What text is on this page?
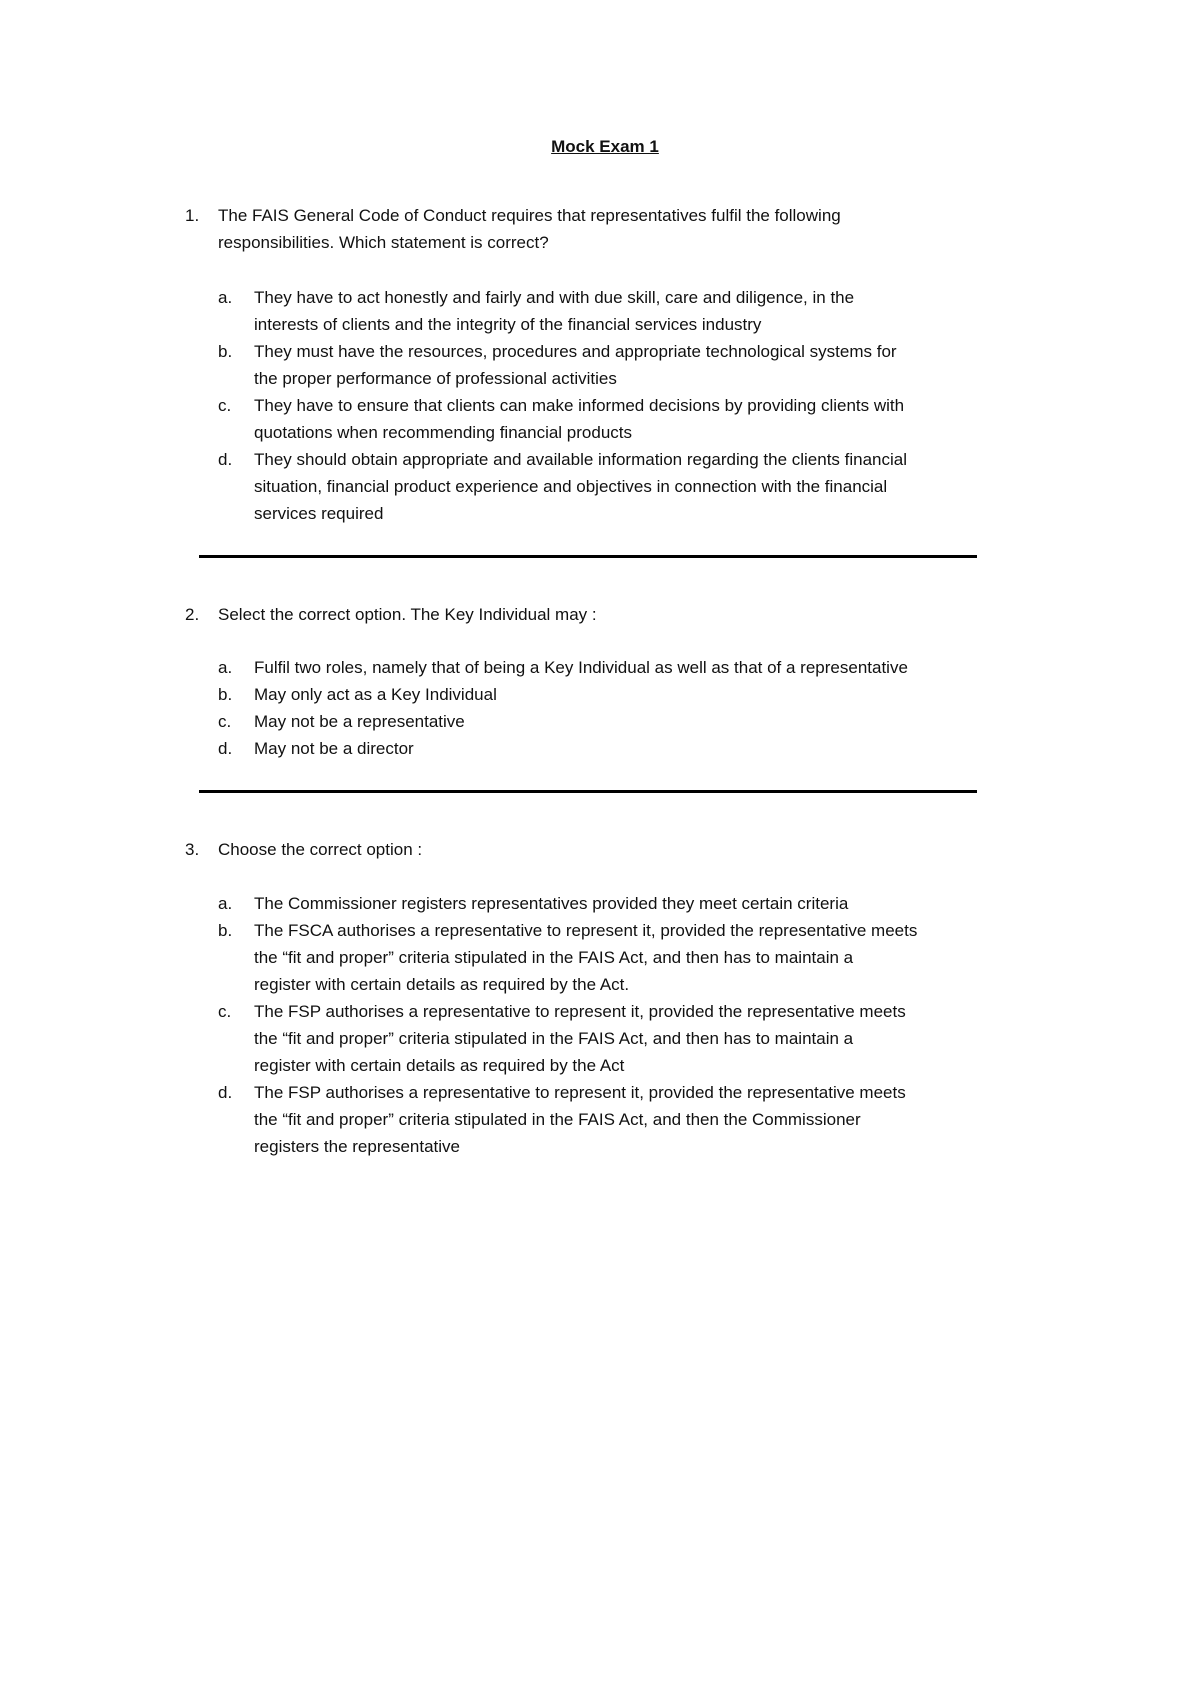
Mock Exam 1
1. The FAIS General Code of Conduct requires that representatives fulfil the following
responsibilities. Which statement is correct?
a. They have to act honestly and fairly and with due skill, care and diligence, in the
interests of clients and the integrity of the financial services industry
b. They must have the resources, procedures and appropriate technological systems for
the proper performance of professional activities
c. They have to ensure that clients can make informed decisions by providing clients with
quotations when recommending financial products
d. They should obtain appropriate and available information regarding the clients financial
situation, financial product experience and objectives in connection with the financial
services required
2. Select the correct option. The Key Individual may :
a. Fulfil two roles, namely that of being a Key Individual as well as that of a representative
b. May only act as a Key Individual
c. May not be a representative
d. May not be a director
3. Choose the correct option :
a. The Commissioner registers representatives provided they meet certain criteria
b. The FSCA authorises a representative to represent it, provided the representative meets
the “fit and proper” criteria stipulated in the FAIS Act, and then has to maintain a
register with certain details as required by the Act.
c. The FSP authorises a representative to represent it, provided the representative meets
the “fit and proper” criteria stipulated in the FAIS Act, and then has to maintain a
register with certain details as required by the Act
d. The FSP authorises a representative to represent it, provided the representative meets
the “fit and proper” criteria stipulated in the FAIS Act, and then the Commissioner
registers the representative
